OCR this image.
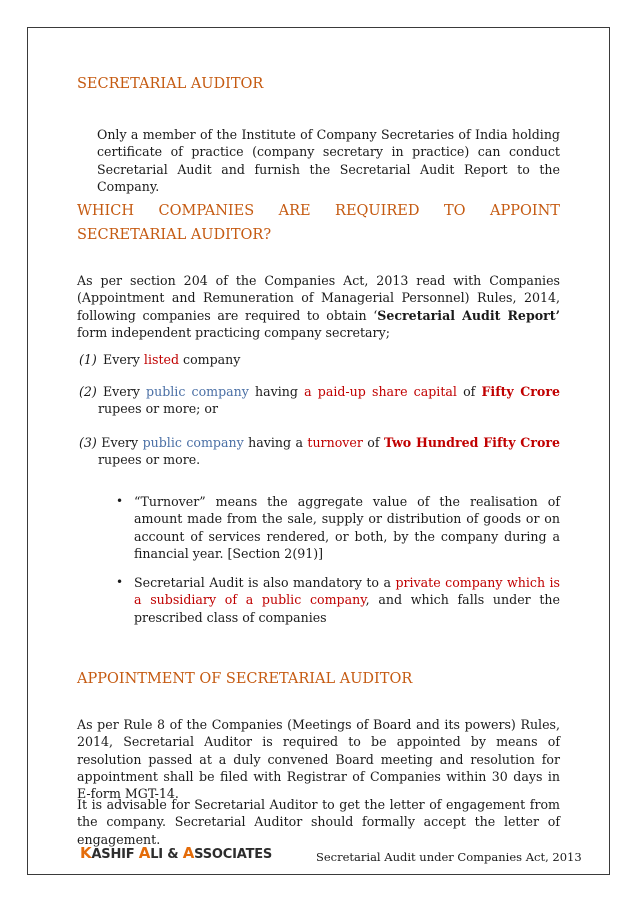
SECRETARIAL AUDITOR
Only a member of the Institute of Company Secretaries of India holding certificate of practice (company secretary in practice) can conduct Secretarial Audit and furnish the Secretarial Audit Report to the Company.
WHICH COMPANIES ARE REQUIRED TO APPOINT
SECRETARIAL AUDITOR?
As per section 204 of the Companies Act, 2013 read with Companies (Appointment and Remuneration of Managerial Personnel) Rules, 2014, following companies are required to obtain ‘Secretarial Audit Report’ form independent practicing company secretary;
(1) Every listed company
(2) Every public company having a paid-up share capital of Fifty Crore rupees or more; or
(3) Every public company having a turnover of Two Hundred Fifty Crore rupees or more.
• “Turnover” means the aggregate value of the realisation of amount made from the sale, supply or distribution of goods or on account of services rendered, or both, by the company during a financial year. [Section 2(91)]
• Secretarial Audit is also mandatory to a private company which is a subsidiary of a public company, and which falls under the prescribed class of companies
APPOINTMENT OF SECRETARIAL AUDITOR
As per Rule 8 of the Companies (Meetings of Board and its powers) Rules, 2014, Secretarial Auditor is required to be appointed by means of resolution passed at a duly convened Board meeting and resolution for appointment shall be filed with Registrar of Companies within 30 days in E-form MGT-14.
It is advisable for Secretarial Auditor to get the letter of engagement from the company. Secretarial Auditor should formally accept the letter of engagement.
KASHIF ALI & ASSOCIATES	Secretarial Audit under Companies Act, 2013
